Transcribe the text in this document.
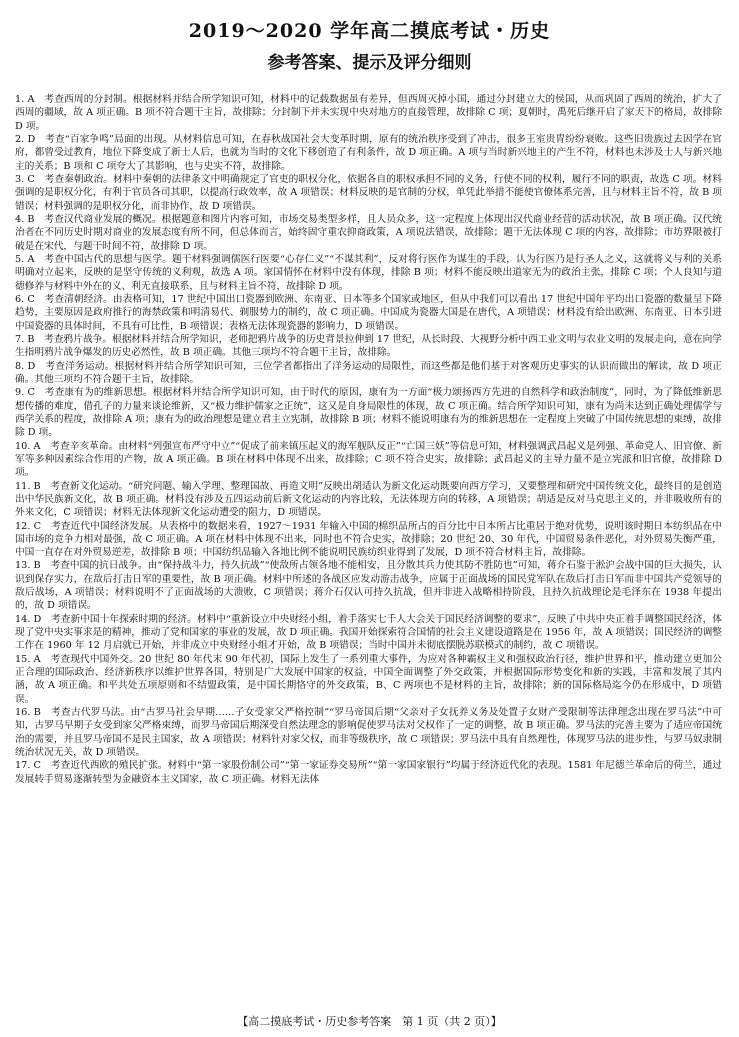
2019～2020 学年高二摸底考试・历史
参考答案、提示及评分细则

1. A　考查西周的分封制。根据材料并结合所学知识可知，材料中的记载数据虽有差异，但西周灭掉小国，通过分封建立大的侯国，从而巩固了西周的统治，扩大了西周的疆域，故 A 项正确。B 项不符合题干主旨，故排除；分封制下并未实现中央对地方的直接管理，故排除 C 项；夏朝时，禹死后继开启了家天下的格局，故排除 D 项。

2. D　考查“百家争鸣”局面的出现。从材料信息可知，在春秋战国社会大变革时期，原有的统治秩序受到了冲击，很多王室贵胄纷纷衰败。这些旧贵族过去因学在官府，都曾受过教育，地位下降变成了新士人后，也就为当时的文化下移创造了有利条件，故 D 项正确。A 项与当时新兴地主的产生不符，材料也未涉及士人与新兴地主的关系；B 项和 C 项夸大了其影响，也与史实不符，故排除。

3. C　考查秦朝政治。材料中秦朝的法律条文中明确规定了官吏的职权分化，依据各自的职权承担不同的义务，行使不同的权利，履行不同的职责，故选 C 项。材料强调的是职权分化，有利于官员各司其职，以提高行政效率，故 A 项错误；材料反映的是官制的分权，单凭此举措不能使官僚体系完善，且与材料主旨不符，故 B 项错误；材料强调的是职权分化，而非协作，故 D 项错误。

4. B　考查汉代商业发展的概况。根据题意和图片内容可知，市场交易类型多样，且人员众多，这一定程度上体现出汉代商业经营的活动状况，故 B 项正确。汉代统治者在不同历史时期对商业的发展态度有所不同，但总体而言，始终固守重农抑商政策，A 项说法错误，故排除；题干无法体现 C 项的内容，故排除；市坊界限被打破是在宋代，与题干时间不符，故排除 D 项。

5. A　考查中国古代的思想与医学。题干材料强调儒医行医要“心存仁义”“不谋其利”，反对将行医作为谋生的手段，认为行医乃是行圣人之义，这就将义与利的关系明确对立起来，反映的是坚守传统的义利观，故选 A 项。家国情怀在材料中没有体现，排除 B 项；材料不能反映出道家无为的政治主张，排除 C 项；个人良知与道德修养与材料中外在的义、利无直接联系，且与材料主旨不符，故排除 D 项。

6. C　考查清朝经济。由表格可知，17 世纪中国出口瓷器到欧洲、东南亚、日本等多个国家或地区，但从中我们可以看出 17 世纪中国年平均出口瓷器的数量呈下降趋势，主要原因是政府推行的海禁政策和明清易代、剃服势力的制约，故 C 项正确。中国成为瓷器大国是在唐代，A 项错误；材料没有给出欧洲、东南亚、日本引进中国瓷器的具体时间，不具有可比性，B 项错误；表格无法体现瓷器的影响力，D 项错误。

7. B　考查鸦片战争。根据材料并结合所学知识，老师把鸦片战争的历史背景拉伸到 17 世纪，从长时段、大视野分析中西工业文明与农业文明的发展走向，意在向学生指明鸦片战争爆发的历史必然性，故 B 项正确。其他三项均不符合题干主旨，故排除。

8. D　考查洋务运动。根据材料并结合所学知识可知，三位学者都指出了洋务运动的局限性，而这些都是他们基于对客观历史事实的认识而做出的解读，故 D 项正确。其他三项均不符合题干主旨，故排除。

9. C　考查康有为的维新思想。根据材料并结合所学知识可知，由于时代的原因，康有为一方面“极力颂扬西方先进的自然科学和政治制度”，同时，为了降低维新思想传播的难度，借孔子的力量来谈论维新，又“极力维护儒家之正统”，这又是自身局限性的体现，故 C 项正确。结合所学知识可知，康有为尚未达到正确处理儒学与西学关系的程度，故排除 A 项；康有为的政治理想是建立君主立宪制，故排除 B 项；材料不能说明康有为的维新思想在一定程度上突破了中国传统思想的束缚，故排除 D 项。

10. A　考查辛亥革命。由材料“列强宣布严守中立”“促成了前来镇压起义的海军舰队反正”“亡国三妖”等信息可知，材料强调武昌起义是列强、革命党人、旧官僚、新军等多种因素综合作用的产物，故 A 项正确。B 项在材料中体现不出来，故排除；C 项不符合史实，故排除；武昌起义的主导力量不是立宪派和旧官僚，故排除 D 项。

11. B　考查新文化运动。“研究问题、输入学理、整理国故、再造文明”反映出胡适认为新文化运动既要向西方学习，又要整理和研究中国传统文化，最终目的是创造出中华民族新文化，故 B 项正确。材料没有涉及五四运动前后新文化运动的内容比较，无法体现方向的转移，A 项错误；胡适是反对马克思主义的，并非吸收所有的外来文化，C 项错误；材料无法体现新文化运动遭受的阻力，D 项错误。

12. C　考查近代中国经济发展。从表格中的数据来看，1927～1931 年输入中国的棉织品所占的百分比中日本所占比重居于绝对优势，说明该时期日本纺织品在中国市场的竞争力相对最强，故 C 项正确。A 项在材料中体现不出来，同时也不符合史实，故排除；20 世纪 20、30 年代，中国贸易条件恶化，对外贸易失衡严重，中国一直存在对外贸易逆差，故排除 B 项；中国纺织品输入各地比例不能说明民族纺织业得到了发展，D 项不符合材料主旨，故排除。

13. B　考查中国的抗日战争。由“保持战斗力，持久抗战”“使敌所占领各地不能相安，且分散其兵力使其防不胜防也”可知，蒋介石鉴于淞沪会战中国的巨大损失，认识到保存实力，在敌后打击日军的重要性，故 B 项正确。材料中所述的各战区应发动游击战争，应属于正面战场的国民党军队在敌后打击日军而非中国共产党领导的敌后战场，A 项错误；材料说明不了正面战场的大溃败，C 项错误；蒋介石仅认可持久抗战，但并非进入战略相持阶段，且持久抗战理论是毛泽东在 1938 年提出的，故 D 项错误。

14. D　考查新中国十年探索时期的经济。材料中“重新设立中央财经小组，着手落实七千人大会关于国民经济调整的要求”，反映了中共中央正着手调整国民经济，体现了党中央实事求是的精神，推动了党和国家的事业的发展，故 D 项正确。我国开始探索符合国情的社会主义建设道路是在 1956 年，故 A 项错误；国民经济的调整工作在 1960 年 12 月启就已开始，并非成立中央财经小组才开始，故 B 项错误；当时中国并未彻底摆脱苏联模式的制约，故 C 项错误。

15. A　考查现代中国外交。20 世纪 80 年代末 90 年代初，国际上发生了一系列重大事件，为应对各种霸权主义和强权政治行径，维护世界和平，推动建立更加公正合理的国际政治、经济新秩序以维护世界各国，特别是广大发展中国家的权益，中国全面调整了外交政策，并根据国际形势变化和新的实践，丰富和发展了其内涵，故 A 项正确。和平共处五项原则和不结盟政策，是中国长期恪守的外交政策，B、C 两项也不是材料的主旨，故排除；新的国际格局迄今仍在形成中，D 项错误。

16. B　考查古代罗马法。由“古罗马社会早期……子女受家父严格控制”“罗马帝国后期“父亲对子女抚养义务及处置子女财产受限制等法律理念出现在罗马法”中可知，古罗马早期子女受到家父严格束缚，而罗马帝国后期深受自然法理念的影响促使罗马法对父权作了一定的调整，故 B 项正确。罗马法的完善主要为了适应帝国统治的需要，并且罗马帝国不是民主国家，故 A 项错误；材料针对家父权，而非等级秩序，故 C 项错误；罗马法中具有自然理性，体现罗马法的进步性，与罗马奴隶制统治状况无关，故 D 项错误。

17. C　考查近代西欧的殖民扩张。材料中“第一家股份制公司”“第一家证券交易所”“第一家国家银行”均属于经济近代化的表现。1581 年尼德兰革命后的荷兰，通过发展转手贸易逐渐转型为金融资本主义国家，故 C 项正确。材料无法体

【高二摸底考试・历史参考答案　第 1 页（共 2 页）】
